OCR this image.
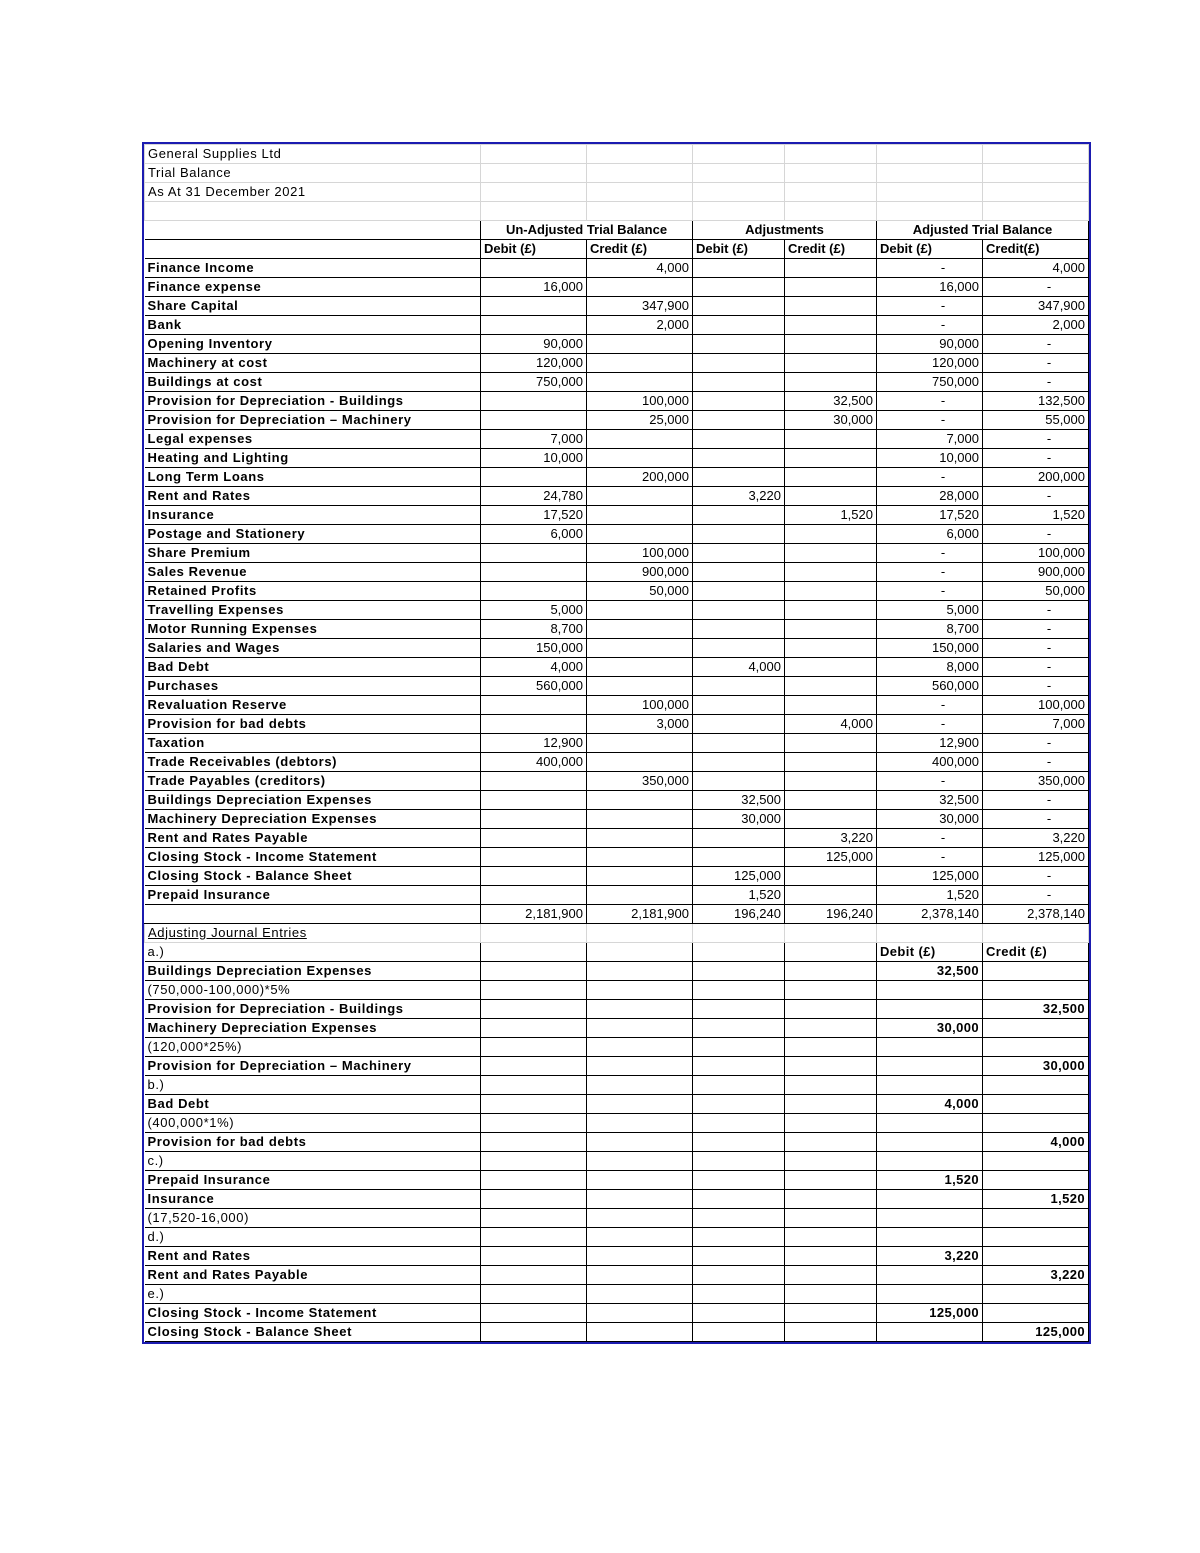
General Supplies Ltd						
Trial Balance						
As At 31 December 2021						

	Un-Adjusted Trial Balance		Adjustments		Adjusted Trial Balance	
	Debit (£)	Credit (£)	Debit (£)	Credit (£)	Debit (£)	Credit(£)
Finance Income		4,000			-	4,000
Finance expense	16,000				16,000	-
Share Capital		347,900			-	347,900
Bank		2,000			-	2,000
Opening Inventory	90,000				90,000	-
Machinery at cost	120,000				120,000	-
Buildings at cost	750,000				750,000	-
Provision for Depreciation - Buildings		100,000		32,500	-	132,500
Provision for Depreciation – Machinery		25,000		30,000	-	55,000
Legal expenses	7,000				7,000	-
Heating and Lighting	10,000				10,000	-
Long Term Loans		200,000			-	200,000
Rent and Rates	24,780		3,220		28,000	-
Insurance	17,520			1,520	17,520	1,520
Postage and Stationery	6,000				6,000	-
Share Premium		100,000			-	100,000
Sales Revenue		900,000			-	900,000
Retained Profits		50,000			-	50,000
Travelling Expenses	5,000				5,000	-
Motor Running Expenses	8,700				8,700	-
Salaries and Wages	150,000				150,000	-
Bad Debt	4,000		4,000		8,000	-
Purchases	560,000				560,000	-
Revaluation Reserve		100,000			-	100,000
Provision for bad debts		3,000		4,000	-	7,000
Taxation	12,900				12,900	-
Trade Receivables (debtors)	400,000				400,000	-
Trade Payables (creditors)		350,000			-	350,000
Buildings Depreciation Expenses			32,500		32,500	-
Machinery Depreciation Expenses			30,000		30,000	-
Rent and Rates Payable				3,220	-	3,220
Closing Stock - Income Statement				125,000	-	125,000
Closing Stock - Balance Sheet			125,000		125,000	-
Prepaid Insurance			1,520		1,520	-
	2,181,900	2,181,900	196,240	196,240	2,378,140	2,378,140
Adjusting Journal Entries						
a.)					Debit (£)	Credit (£)
Buildings Depreciation Expenses					32,500	
(750,000-100,000)*5%						
Provision for Depreciation - Buildings						32,500
Machinery Depreciation Expenses					30,000	
(120,000*25%)						
Provision for Depreciation – Machinery						30,000
b.)						
Bad Debt					4,000	
(400,000*1%)						
Provision for bad debts						4,000
c.)						
Prepaid Insurance					1,520	
Insurance						1,520
(17,520-16,000)						
d.)						
Rent and Rates					3,220	
Rent and Rates Payable						3,220
e.)						
Closing Stock - Income Statement					125,000	
Closing Stock - Balance Sheet						125,000
